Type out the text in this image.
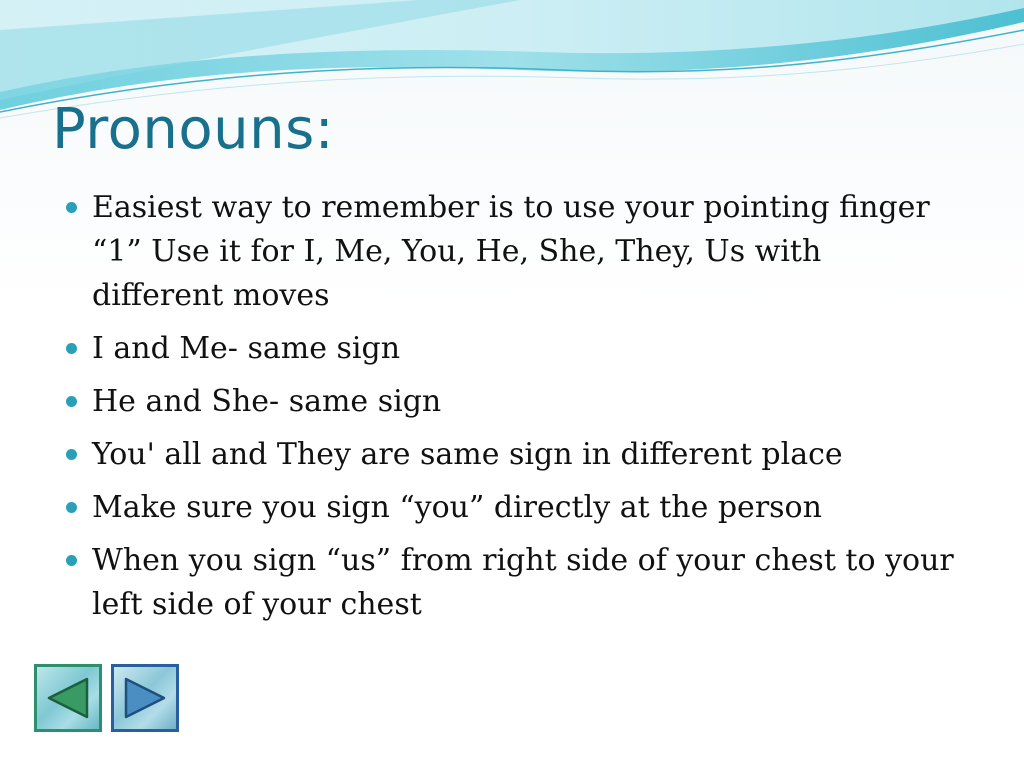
Pronouns:
Easiest way to remember is to use your pointing finger “1” Use it for I, Me, You, He, She, They, Us with different moves
I and Me- same sign
He and She- same sign
You' all and They are same sign in different place
Make sure you sign “you” directly at the person
When you sign “us” from right side of your chest to your left side of your chest
